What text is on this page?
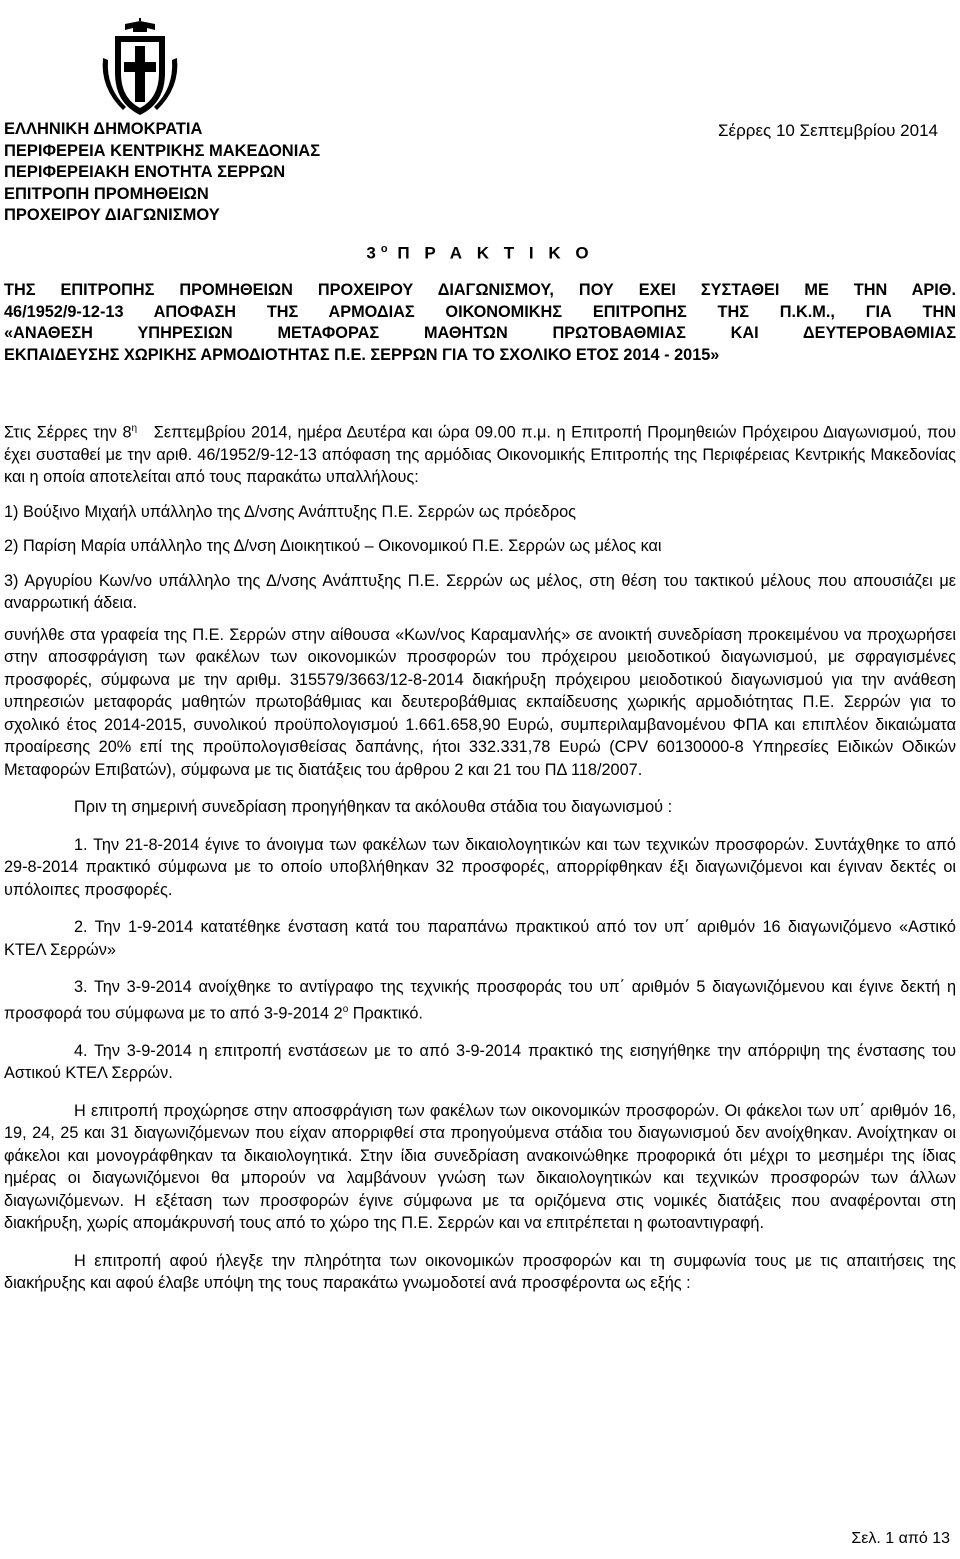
ΕΛΛΗΝΙΚΗ ΔΗΜΟΚΡΑΤΙΑ
ΠΕΡΙΦΕΡΕΙΑ ΚΕΝΤΡΙΚΗΣ ΜΑΚΕΔΟΝΙΑΣ
ΠΕΡΙΦΕΡΕΙΑΚΗ ΕΝΟΤΗΤΑ ΣΕΡΡΩΝ
ΕΠΙΤΡΟΠΗ ΠΡΟΜΗΘΕΙΩΝ
ΠΡΟΧΕΙΡΟΥ ΔΙΑΓΩΝΙΣΜΟΥ
Σέρρες 10 Σεπτεμβρίου 2014
$3^o$ Π Ρ Α Κ Τ Ι Κ Ο
ΤΗΣ ΕΠΙΤΡΟΠΗΣ ΠΡΟΜΗΘΕΙΩΝ ΠΡΟΧΕΙΡΟΥ ΔΙΑΓΩΝΙΣΜΟΥ, ΠΟΥ ΕΧΕΙ ΣΥΣΤΑΘΕΙ ΜΕ ΤΗΝ ΑΡΙΘ.
46/1952/9-12-13 ΑΠΟΦΑΣΗ ΤΗΣ ΑΡΜΟΔΙΑΣ ΟΙΚΟΝΟΜΙΚΗΣ ΕΠΙΤΡΟΠΗΣ ΤΗΣ Π.Κ.Μ., ΓΙΑ ΤΗΝ
«ΑΝΑΘΕΣΗ ΥΠΗΡΕΣΙΩΝ ΜΕΤΑΦΟΡΑΣ ΜΑΘΗΤΩΝ ΠΡΩΤΟΒΑΘΜΙΑΣ ΚΑΙ ΔΕΥΤΕΡΟΒΑΘΜΙΑΣ
ΕΚΠΑΙΔΕΥΣΗΣ ΧΩΡΙΚΗΣ ΑΡΜΟΔΙΟΤΗΤΑΣ Π.Ε. ΣΕΡΡΩΝ ΓΙΑ ΤΟ ΣΧΟΛΙΚΟ ΕΤΟΣ 2014 - 2015»

Στις Σέρρες την $8^\eta$ Σεπτεμβρίου 2014, ημέρα Δευτέρα και ώρα 09.00 π.μ. η Επιτροπή Προμηθειών Πρόχειρου Διαγωνισμού, που έχει συσταθεί με την αριθ. 46/1952/9-12-13 απόφαση της αρμόδιας Οικονομικής Επιτροπής της Περιφέρειας Κεντρικής Μακεδονίας και η οποία αποτελείται από τους παρακάτω υπαλλήλους:

1) Βούξινο Μιχαήλ υπάλληλο της Δ/νσης Ανάπτυξης Π.Ε. Σερρών ως πρόεδρος

2) Παρίση Μαρία υπάλληλο της Δ/νση Διοικητικού – Οικονομικού Π.Ε. Σερρών ως μέλος και

3) Αργυρίου Κων/νο υπάλληλο της Δ/νσης Ανάπτυξης Π.Ε. Σερρών ως μέλος, στη θέση του τακτικού μέλους που απουσιάζει με αναρρωτική άδεια.

συνήλθε στα γραφεία της Π.Ε. Σερρών στην αίθουσα «Κων/νος Καραμανλής» σε ανοικτή συνεδρίαση προκειμένου να προχωρήσει στην αποσφράγιση των φακέλων των οικονομικών προσφορών του πρόχειρου μειοδοτικού διαγωνισμού, με σφραγισμένες προσφορές, σύμφωνα με την αριθμ. 315579/3663/12-8-2014 διακήρυξη πρόχειρου μειοδοτικού διαγωνισμού για την ανάθεση υπηρεσιών μεταφοράς μαθητών πρωτοβάθμιας και δευτεροβάθμιας εκπαίδευσης χωρικής αρμοδιότητας Π.Ε. Σερρών για το σχολικό έτος 2014-2015, συνολικού προϋπολογισμού 1.661.658,90 Ευρώ, συμπεριλαμβανομένου ΦΠΑ και επιπλέον δικαιώματα προαίρεσης 20% επί της προϋπολογισθείσας δαπάνης, ήτοι 332.331,78 Ευρώ (CPV 60130000-8 Υπηρεσίες Ειδικών Οδικών Μεταφορών Επιβατών), σύμφωνα με τις διατάξεις του άρθρου 2 και 21 του ΠΔ 118/2007.

Πριν τη σημερινή συνεδρίαση προηγήθηκαν τα ακόλουθα στάδια του διαγωνισμού :

1. Την 21-8-2014 έγινε το άνοιγμα των φακέλων των δικαιολογητικών και των τεχνικών προσφορών. Συντάχθηκε το από 29-8-2014 πρακτικό σύμφωνα με το οποίο υποβλήθηκαν 32 προσφορές, απορρίφθηκαν έξι διαγωνιζόμενοι και έγιναν δεκτές οι υπόλοιπες προσφορές.

2. Την 1-9-2014 κατατέθηκε ένσταση κατά του παραπάνω πρακτικού από τον υπ΄ αριθμόν 16 διαγωνιζόμενο «Αστικό ΚΤΕΛ Σερρών»

3. Την 3-9-2014 ανοίχθηκε το αντίγραφο της τεχνικής προσφοράς του υπ΄ αριθμόν 5 διαγωνιζόμενου και έγινε δεκτή η προσφορά του σύμφωνα με το από 3-9-2014 $2^o$ Πρακτικό.

4. Την 3-9-2014 η επιτροπή ενστάσεων με το από 3-9-2014 πρακτικό της εισηγήθηκε την απόρριψη της ένστασης του Αστικού ΚΤΕΛ Σερρών.

Η επιτροπή προχώρησε στην αποσφράγιση των φακέλων των οικονομικών προσφορών. Οι φάκελοι των υπ΄ αριθμόν 16, 19, 24, 25 και 31 διαγωνιζόμενων που είχαν απορριφθεί στα προηγούμενα στάδια του διαγωνισμού δεν ανοίχθηκαν. Ανοίχτηκαν οι φάκελοι και μονογράφθηκαν τα δικαιολογητικά. Στην ίδια συνεδρίαση ανακοινώθηκε προφορικά ότι μέχρι το μεσημέρι της ίδιας ημέρας οι διαγωνιζόμενοι θα μπορούν να λαμβάνουν γνώση των δικαιολογητικών και τεχνικών προσφορών των άλλων διαγωνιζόμενων. Η εξέταση των προσφορών έγινε σύμφωνα με τα οριζόμενα στις νομικές διατάξεις που αναφέρονται στη διακήρυξη, χωρίς απομάκρυνσή τους από το χώρο της Π.Ε. Σερρών και να επιτρέπεται η φωτοαντιγραφή.

Η επιτροπή αφού ήλεγξε την πληρότητα των οικονομικών προσφορών και τη συμφωνία τους με τις απαιτήσεις της διακήρυξης και αφού έλαβε υπόψη της τους παρακάτω γνωμοδοτεί ανά προσφέροντα ως εξής :

Σελ. 1 από 13
